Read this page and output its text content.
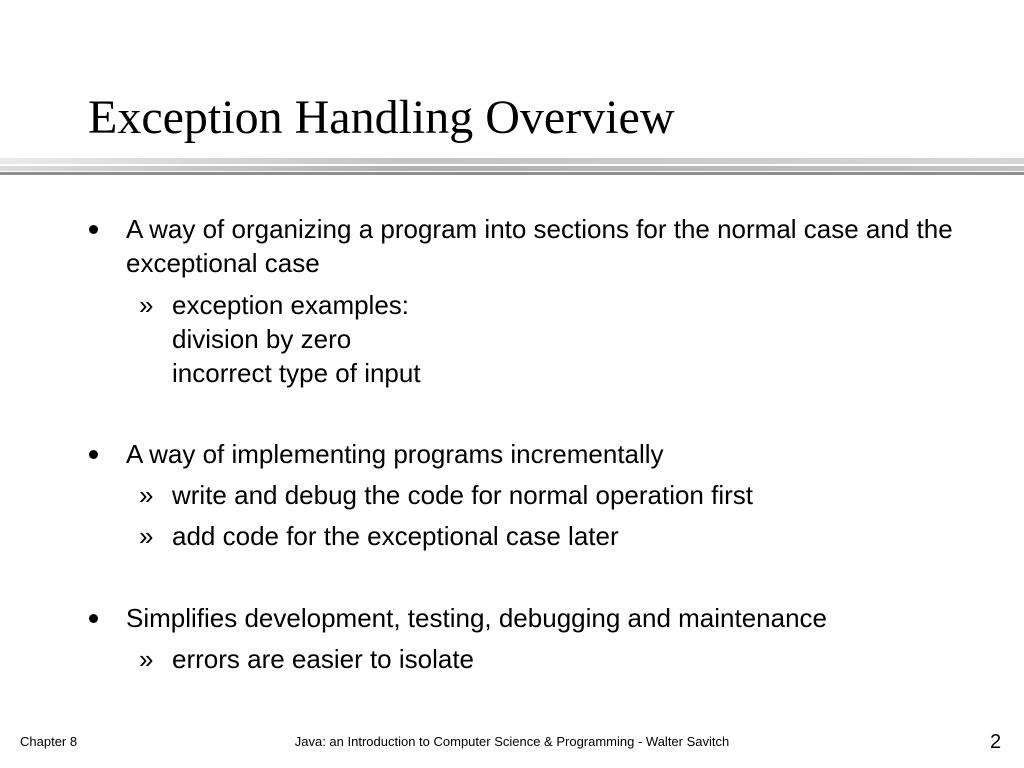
Exception Handling Overview
A way of organizing a program into sections for the normal case and the exceptional case
» exception examples:
division by zero
incorrect type of input
A way of implementing programs incrementally
» write and debug the code for normal operation first
» add code for the exceptional case later
Simplifies development, testing, debugging and maintenance
» errors are easier to isolate
Chapter 8	Java: an Introduction to Computer Science & Programming - Walter Savitch	2
